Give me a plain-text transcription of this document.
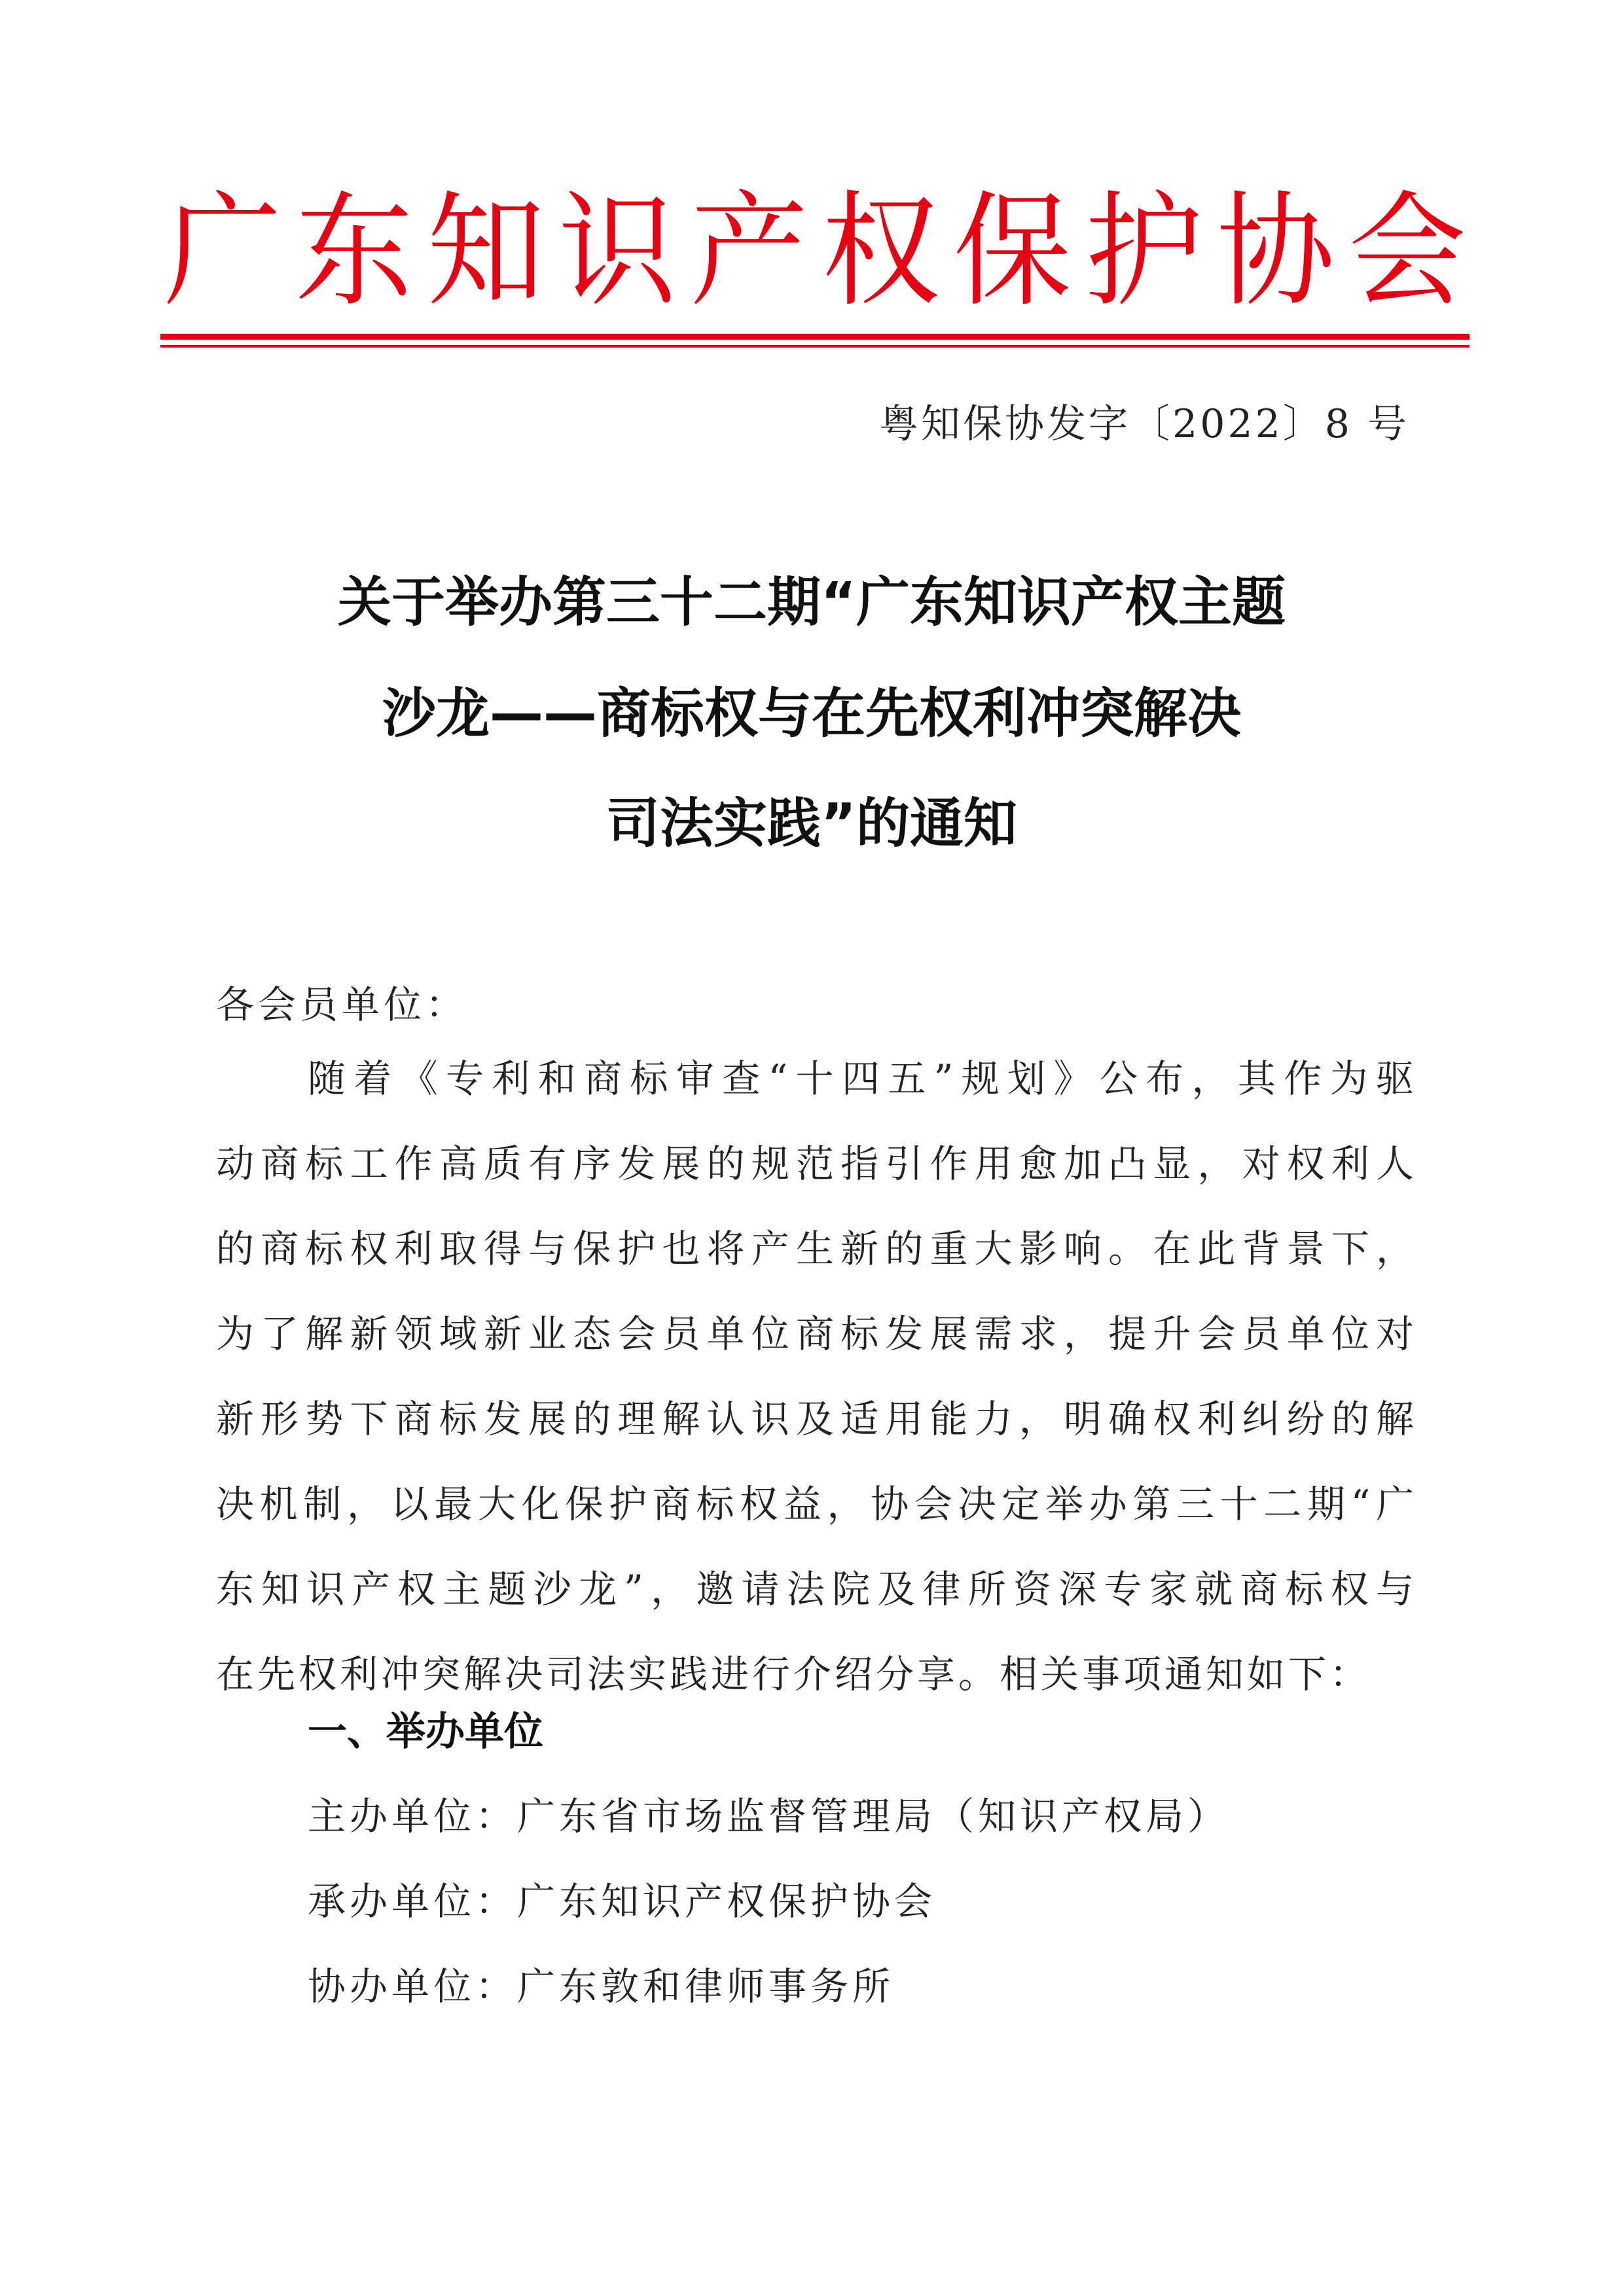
广 东 知 识 产 权 保 护 协 会
粤知保协发字〔2022〕8 号
关于举办第三十二期“广东知识产权主题
沙龙——商标权与在先权利冲突解决
司法实践”的通知
各会员单位：
随着《专利和商标审查“十四五”规划》公布，其作为驱
动商标工作高质有序发展的规范指引作用愈加凸显，对权利人
的商标权利取得与保护也将产生新的重大影响。在此背景下，
为了解新领域新业态会员单位商标发展需求，提升会员单位对
新形势下商标发展的理解认识及适用能力，明确权利纠纷的解
决机制，以最大化保护商标权益，协会决定举办第三十二期“广
东知识产权主题沙龙”，邀请法院及律所资深专家就商标权与
在先权利冲突解决司法实践进行介绍分享。相关事项通知如下：
一、举办单位
主办单位：广东省市场监督管理局（知识产权局）
承办单位：广东知识产权保护协会
协办单位：广东敦和律师事务所
